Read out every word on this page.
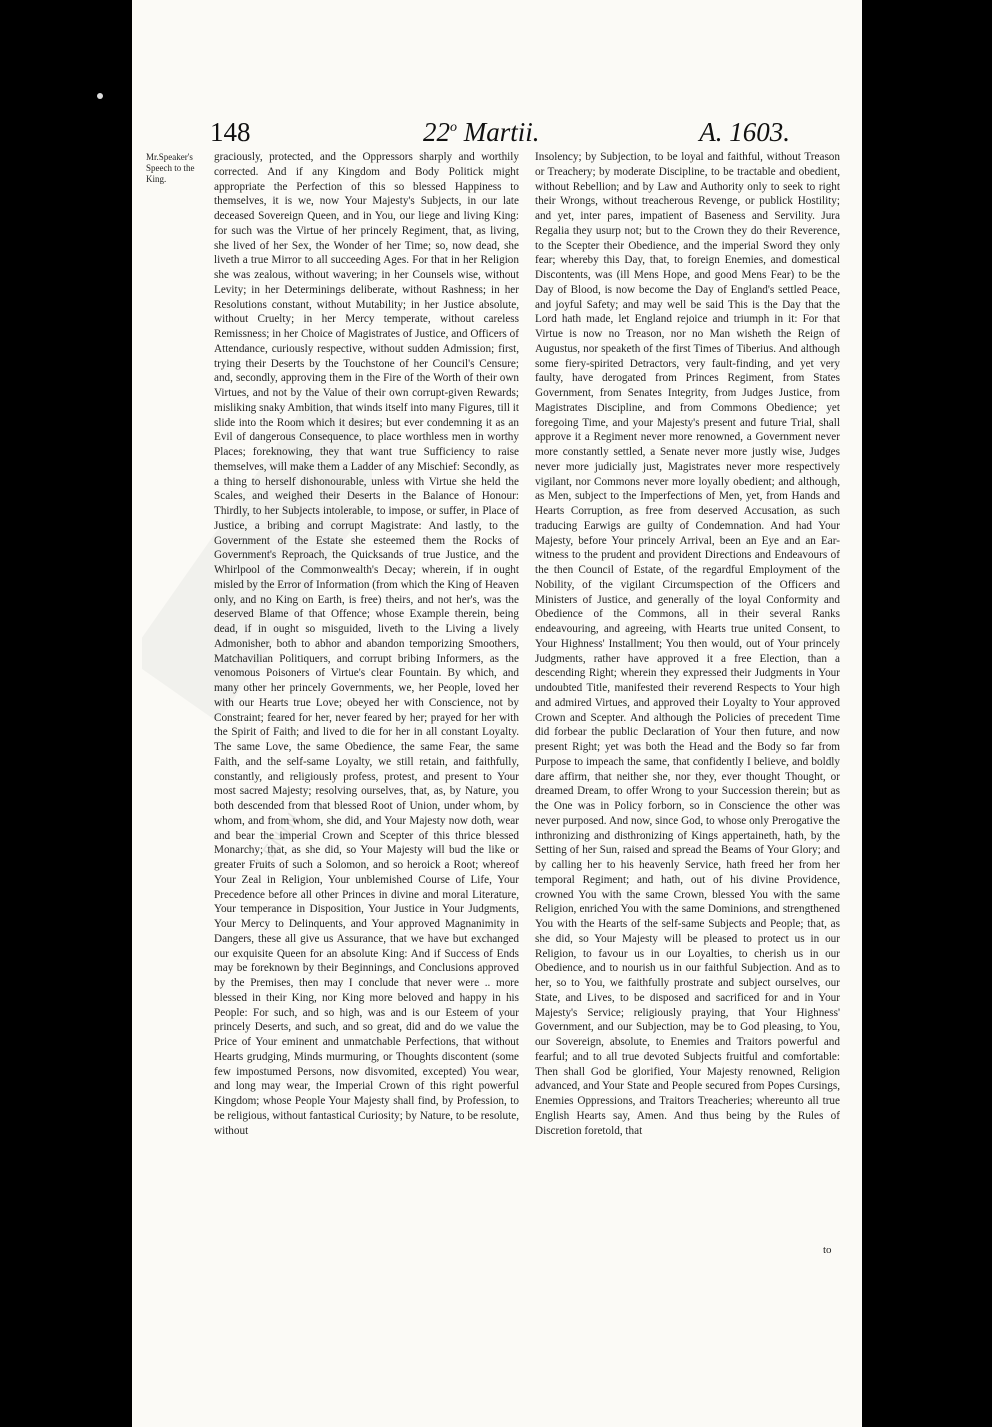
LENIN
148	22$^o$ Martii.	A. 1603.
Mr.Speaker's Speech to the King.

graciously, protected, and the Oppressors sharply and worthily corrected. And if any Kingdom and Body Politick might appropriate the Perfection of this so blessed Happiness to themselves, it is we, now Your Majesty's Subjects, in our late deceased Sovereign Queen, and in You, our liege and living King: for such was the Virtue of her princely Regiment, that, as living, she lived of her Sex, the Wonder of her Time; so, now dead, she liveth a true Mirror to all succeeding Ages. For that in her Religion she was zealous, without wavering; in her Counsels wise, without Levity; in her Determinings deliberate, without Rashness; in her Resolutions constant, without Mutability; in her Justice absolute, without Cruelty; in her Mercy temperate, without careless Remissness; in her Choice of Magistrates of Justice, and Officers of Attendance, curiously respective, without sudden Admission; first, trying their Deserts by the Touchstone of her Council's Censure; and, secondly, approving them in the Fire of the Worth of their own Virtues, and not by the Value of their own corrupt-given Rewards; misliking snaky Ambition, that winds itself into many Figures, till it slide into the Room which it desires; but ever condemning it as an Evil of dangerous Consequence, to place worthless men in worthy Places; foreknowing, they that want true Sufficiency to raise themselves, will make them a Ladder of any Mischief: Secondly, as a thing to herself dishonourable, unless with Virtue she held the Scales, and weighed their Deserts in the Balance of Honour: Thirdly, to her Subjects intolerable, to impose, or suffer, in Place of Justice, a bribing and corrupt Magistrate: And lastly, to the Government of the Estate she esteemed them the Rocks of Government's Reproach, the Quicksands of true Justice, and the Whirlpool of the Commonwealth's Decay; wherein, if in ought misled by the Error of Information (from which the King of Heaven only, and no King on Earth, is free) theirs, and not her's, was the deserved Blame of that Offence; whose Example therein, being dead, if in ought so misguided, liveth to the Living a lively Admonisher, both to abhor and abandon temporizing Smoothers, Matchavilian Politiquers, and corrupt bribing Informers, as the venomous Poisoners of Virtue's clear Fountain. By which, and many other her princely Governments, we, her People, loved her with our Hearts true Love; obeyed her with Conscience, not by Constraint; feared for her, never feared by her; prayed for her with the Spirit of Faith; and lived to die for her in all constant Loyalty. The same Love, the same Obedience, the same Fear, the same Faith, and the self-same Loyalty, we still retain, and faithfully, constantly, and religiously profess, protest, and present to Your most sacred Majesty; resolving ourselves, that, as, by Nature, you both descended from that blessed Root of Union, under whom, by whom, and from whom, she did, and Your Majesty now doth, wear and bear the imperial Crown and Scepter of this thrice blessed Monarchy; that, as she did, so Your Majesty will bud the like or greater Fruits of such a Solomon, and so heroick a Root; whereof Your Zeal in Religion, Your unblemished Course of Life, Your Precedence before all other Princes in divine and moral Literature, Your temperance in Disposition, Your Justice in Your Judgments, Your Mercy to Delinquents, and Your approved Magnanimity in Dangers, these all give us Assurance, that we have but exchanged our exquisite Queen for an absolute King: And if Success of Ends may be foreknown by their Beginnings, and Conclusions approved by the Premises, then may I conclude that never were .. more blessed in their King, nor King more beloved and happy in his People: For such, and so high, was and is our Esteem of your princely Deserts, and such, and so great, did and do we value the Price of Your eminent and unmatchable Perfections, that without Hearts grudging, Minds murmuring, or Thoughts discontent (some few impostumed Persons, now disvomited, excepted) You wear, and long may wear, the Imperial Crown of this right powerful Kingdom; whose People Your Majesty shall find, by Profession, to be religious, without fantastical Curiosity; by Nature, to be resolute, without

Insolency; by Subjection, to be loyal and faithful, without Treason or Treachery; by moderate Discipline, to be tractable and obedient, without Rebellion; and by Law and Authority only to seek to right their Wrongs, without treacherous Revenge, or publick Hostility; and yet, inter pares, impatient of Baseness and Servility. Jura Regalia they usurp not; but to the Crown they do their Reverence, to the Scepter their Obedience, and the imperial Sword they only fear; whereby this Day, that, to foreign Enemies, and domestical Discontents, was (ill Mens Hope, and good Mens Fear) to be the Day of Blood, is now become the Day of England's settled Peace, and joyful Safety; and may well be said This is the Day that the Lord hath made, let England rejoice and triumph in it: For that Virtue is now no Treason, nor no Man wisheth the Reign of Augustus, nor speaketh of the first Times of Tiberius. And although some fiery-spirited Detractors, very fault-finding, and yet very faulty, have derogated from Princes Regiment, from States Government, from Senates Integrity, from Judges Justice, from Magistrates Discipline, and from Commons Obedience; yet foregoing Time, and your Majesty's present and future Trial, shall approve it a Regiment never more renowned, a Government never more constantly settled, a Senate never more justly wise, Judges never more judicially just, Magistrates never more respectively vigilant, nor Commons never more loyally obedient; and although, as Men, subject to the Imperfections of Men, yet, from Hands and Hearts Corruption, as free from deserved Accusation, as such traducing Earwigs are guilty of Condemnation. And had Your Majesty, before Your princely Arrival, been an Eye and an Ear-witness to the prudent and provident Directions and Endeavours of the then Council of Estate, of the regardful Employment of the Nobility, of the vigilant Circumspection of the Officers and Ministers of Justice, and generally of the loyal Conformity and Obedience of the Commons, all in their several Ranks endeavouring, and agreeing, with Hearts true united Consent, to Your Highness' Installment; You then would, out of Your princely Judgments, rather have approved it a free Election, than a descending Right; wherein they expressed their Judgments in Your undoubted Title, manifested their reverend Respects to Your high and admired Virtues, and approved their Loyalty to Your approved Crown and Scepter. And although the Policies of precedent Time did forbear the public Declaration of Your then future, and now present Right; yet was both the Head and the Body so far from Purpose to impeach the same, that confidently I believe, and boldly dare affirm, that neither she, nor they, ever thought Thought, or dreamed Dream, to offer Wrong to your Succession therein; but as the One was in Policy forborn, so in Conscience the other was never purposed. And now, since God, to whose only Prerogative the inthronizing and disthronizing of Kings appertaineth, hath, by the Setting of her Sun, raised and spread the Beams of Your Glory; and by calling her to his heavenly Service, hath freed her from her temporal Regiment; and hath, out of his divine Providence, crowned You with the same Crown, blessed You with the same Religion, enriched You with the same Dominions, and strengthened You with the Hearts of the self-same Subjects and People; that, as she did, so Your Majesty will be pleased to protect us in our Religion, to favour us in our Loyalties, to cherish us in our Obedience, and to nourish us in our faithful Subjection. And as to her, so to You, we faithfully prostrate and subject ourselves, our State, and Lives, to be disposed and sacrificed for and in Your Majesty's Service; religiously praying, that Your Highness' Government, and our Subjection, may be to God pleasing, to You, our Sovereign, absolute, to Enemies and Traitors powerful and fearful; and to all true devoted Subjects fruitful and comfortable: Then shall God be glorified, Your Majesty renowned, Religion advanced, and Your State and People secured from Popes Cursings, Enemies Oppressions, and Traitors Treacheries; whereunto all true English Hearts say, Amen. And thus being by the Rules of Discretion foretold, that

to
